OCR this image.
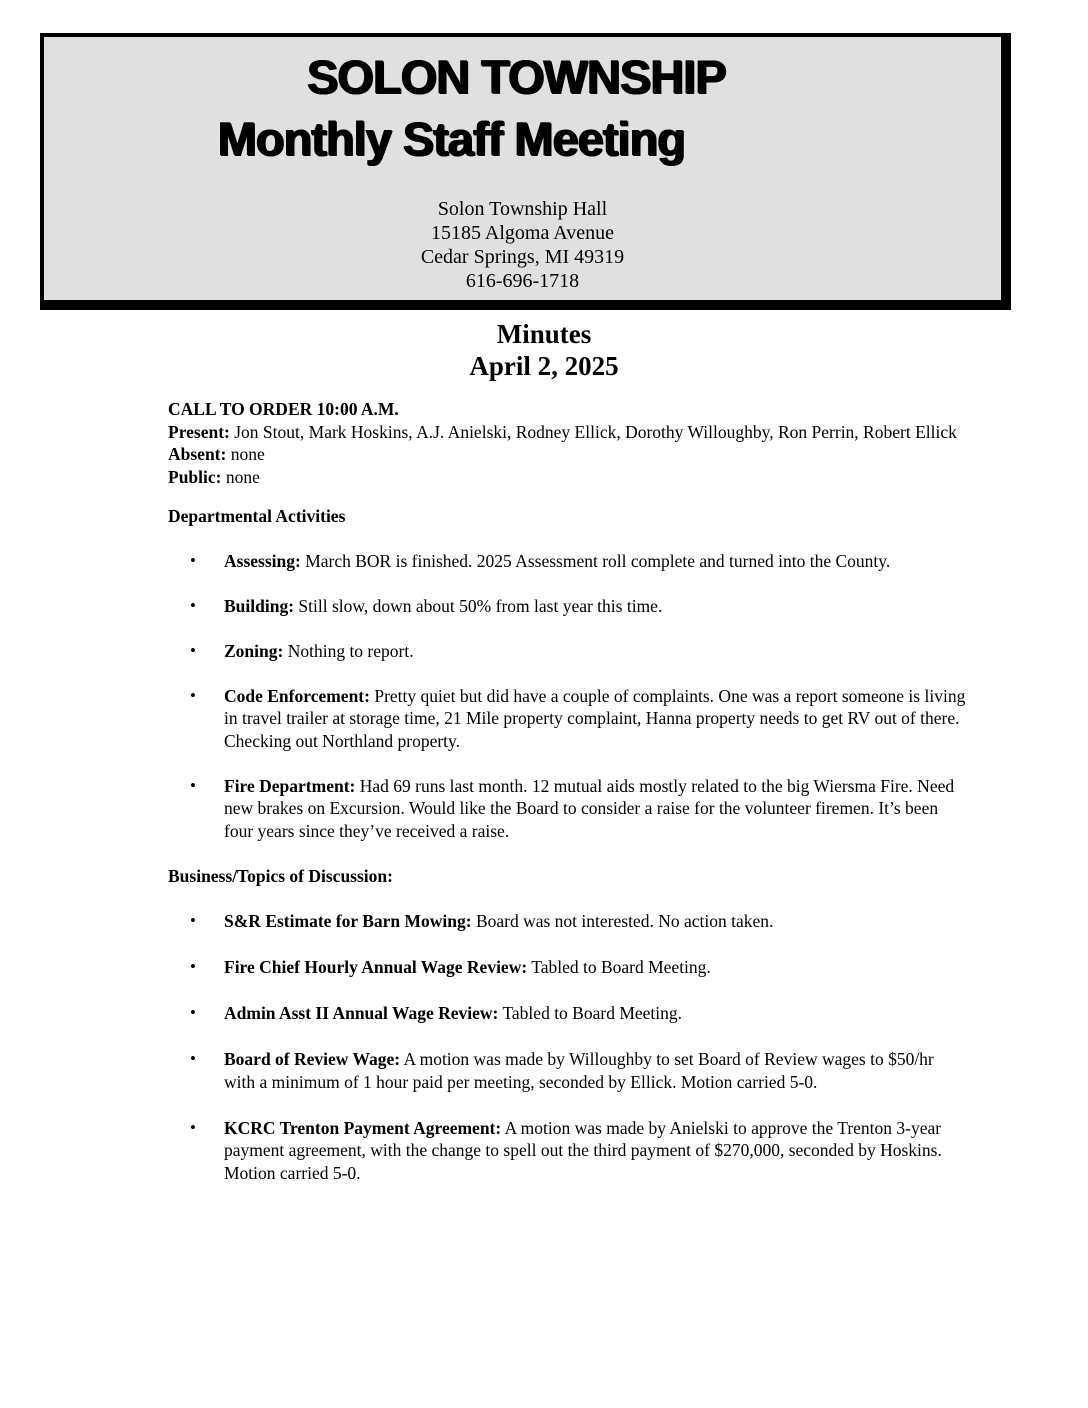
SOLON TOWNSHIP
Monthly Staff Meeting
Solon Township Hall
15185 Algoma Avenue
Cedar Springs, MI 49319
616-696-1718
Minutes
April 2, 2025
CALL TO ORDER 10:00 A.M.
Present: Jon Stout, Mark Hoskins, A.J. Anielski, Rodney Ellick, Dorothy Willoughby, Ron Perrin, Robert Ellick
Absent: none
Public: none
Departmental Activities
• Assessing: March BOR is finished. 2025 Assessment roll complete and turned into the County.
• Building: Still slow, down about 50% from last year this time.
• Zoning: Nothing to report.
• Code Enforcement: Pretty quiet but did have a couple of complaints. One was a report someone is living in travel trailer at storage time, 21 Mile property complaint, Hanna property needs to get RV out of there. Checking out Northland property.
• Fire Department: Had 69 runs last month. 12 mutual aids mostly related to the big Wiersma Fire. Need new brakes on Excursion. Would like the Board to consider a raise for the volunteer firemen. It’s been four years since they’ve received a raise.
Business/Topics of Discussion:
• S&R Estimate for Barn Mowing: Board was not interested. No action taken.
• Fire Chief Hourly Annual Wage Review: Tabled to Board Meeting.
• Admin Asst II Annual Wage Review: Tabled to Board Meeting.
• Board of Review Wage: A motion was made by Willoughby to set Board of Review wages to $50/hr with a minimum of 1 hour paid per meeting, seconded by Ellick. Motion carried 5-0.
• KCRC Trenton Payment Agreement: A motion was made by Anielski to approve the Trenton 3-year payment agreement, with the change to spell out the third payment of $270,000, seconded by Hoskins. Motion carried 5-0.
